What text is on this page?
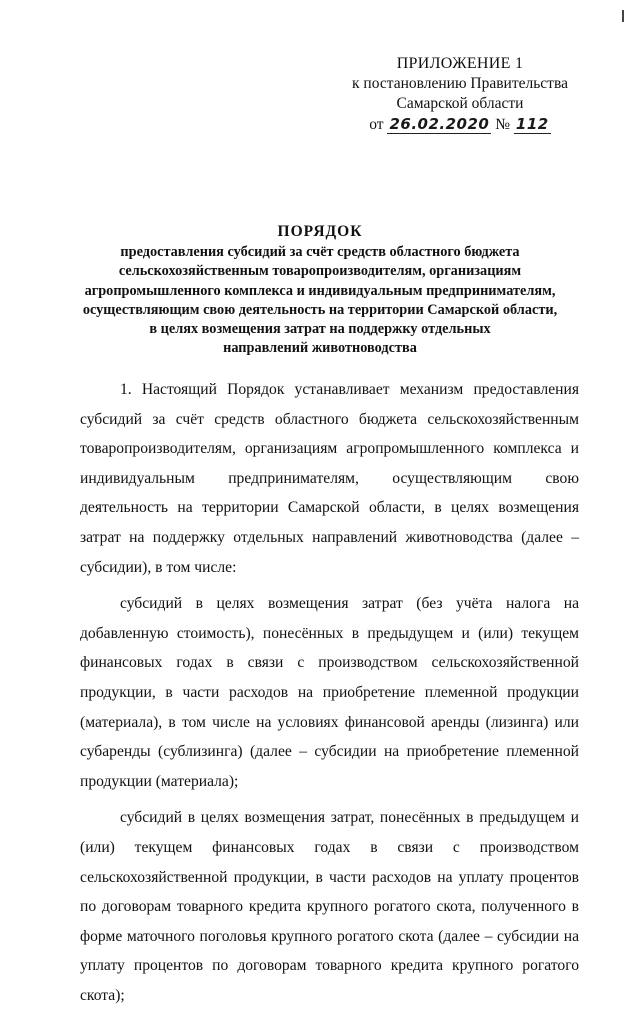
ПРИЛОЖЕНИЕ 1
к постановлению Правительства
Самарской области
от 26.02.2020 № 112
ПОРЯДОК
предоставления субсидий за счёт средств областного бюджета
сельскохозяйственным товаропроизводителям, организациям
агропромышленного комплекса и индивидуальным предпринимателям,
осуществляющим свою деятельность на территории Самарской области,
в целях возмещения затрат на поддержку отдельных
направлений животноводства

1. Настоящий Порядок устанавливает механизм предоставления субсидий за счёт средств областного бюджета сельскохозяйственным товаропроизводителям, организациям агропромышленного комплекса и индивидуальным предпринимателям, осуществляющим свою деятельность на территории Самарской области, в целях возмещения затрат на поддержку отдельных направлений животноводства (далее – субсидии), в том числе:

субсидий в целях возмещения затрат (без учёта налога на добавленную стоимость), понесённых в предыдущем и (или) текущем финансовых годах в связи с производством сельскохозяйственной продукции, в части расходов на приобретение племенной продукции (материала), в том числе на условиях финансовой аренды (лизинга) или субаренды (сублизинга) (далее – субсидии на приобретение племенной продукции (материала);

субсидий в целях возмещения затрат, понесённых в предыдущем и (или) текущем финансовых годах в связи с производством сельскохозяйственной продукции, в части расходов на уплату процентов по договорам товарного кредита крупного рогатого скота, полученного в форме маточного поголовья крупного рогатого скота (далее – субсидии на уплату процентов по договорам товарного кредита крупного рогатого скота);
